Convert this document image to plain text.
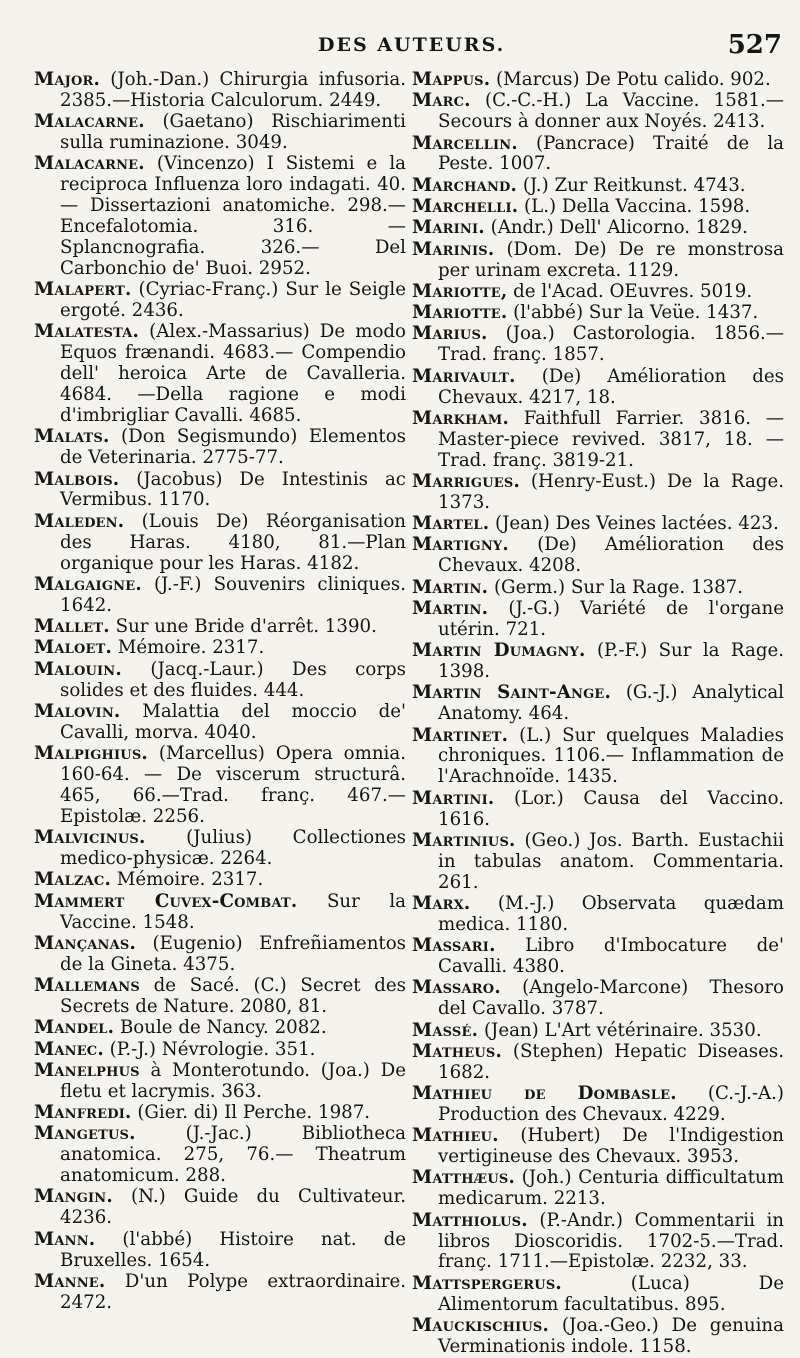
DES AUTEURS.	527

Major. (Joh.-Dan.) Chirurgia infusoria. 2385.—Historia Calculorum. 2449.

Malacarne. (Gaetano) Rischiarimenti sulla ruminazione. 3049.

Malacarne. (Vincenzo) I Sistemi e la reciproca Influenza loro indagati. 40. — Dissertazioni anatomiche. 298.— Encefalotomia. 316. — Splancnografia. 326.— Del Carbonchio de' Buoi. 2952.

Malapert. (Cyriac-Franç.) Sur le Seigle ergoté. 2436.

Malatesta. (Alex.-Massarius) De modo Equos frænandi. 4683.— Compendio dell' heroica Arte de Cavalleria. 4684. —Della ragione e modi d'imbrigliar Cavalli. 4685.

Malats. (Don Segismundo) Elementos de Veterinaria. 2775-77.

Malbois. (Jacobus) De Intestinis ac Vermibus. 1170.

Maleden. (Louis De) Réorganisation des Haras. 4180, 81.—Plan organique pour les Haras. 4182.

Malgaigne. (J.-F.) Souvenirs cliniques. 1642.

Mallet. Sur une Bride d'arrêt. 1390.

Maloet. Mémoire. 2317.

Malouin. (Jacq.-Laur.) Des corps solides et des fluides. 444.

Malovin. Malattia del moccio de' Cavalli, morva. 4040.

Malpighius. (Marcellus) Opera omnia. 160-64. — De viscerum structurâ. 465, 66.—Trad. franç. 467.—Epistolæ. 2256.

Malvicinus. (Julius) Collectiones medico-physicæ. 2264.

Malzac. Mémoire. 2317.

Mammert Cuvex-Combat. Sur la Vaccine. 1548.

Mançanas. (Eugenio) Enfreñiamentos de la Gineta. 4375.

Mallemans de Sacé. (C.) Secret des Secrets de Nature. 2080, 81.

Mandel. Boule de Nancy. 2082.

Manec. (P.-J.) Névrologie. 351.

Manelphus à Monterotundo. (Joa.) De fletu et lacrymis. 363.

Manfredi. (Gier. di) Il Perche. 1987.

Mangetus. (J.-Jac.) Bibliotheca anatomica. 275, 76.— Theatrum anatomicum. 288.

Mangin. (N.) Guide du Cultivateur. 4236.

Mann. (l'abbé) Histoire nat. de Bruxelles. 1654.

Manne. D'un Polype extraordinaire. 2472.

Mappus. (Marcus) De Potu calido. 902.

Marc. (C.-C.-H.) La Vaccine. 1581.— Secours à donner aux Noyés. 2413.

Marcellin. (Pancrace) Traité de la Peste. 1007.

Marchand. (J.) Zur Reitkunst. 4743.

Marchelli. (L.) Della Vaccina. 1598.

Marini. (Andr.) Dell' Alicorno. 1829.

Marinis. (Dom. De) De re monstrosa per urinam excreta. 1129.

Mariotte, de l'Acad. OEuvres. 5019.

Mariotte. (l'abbé) Sur la Veüe. 1437.

Marius. (Joa.) Castorologia. 1856.— Trad. franç. 1857.

Marivault. (De) Amélioration des Chevaux. 4217, 18.

Markham. Faithfull Farrier. 3816. — Master-piece revived. 3817, 18. — Trad. franç. 3819-21.

Marrigues. (Henry-Eust.) De la Rage. 1373.

Martel. (Jean) Des Veines lactées. 423.

Martigny. (De) Amélioration des Chevaux. 4208.

Martin. (Germ.) Sur la Rage. 1387.

Martin. (J.-G.) Variété de l'organe utérin. 721.

Martin Dumagny. (P.-F.) Sur la Rage. 1398.

Martin Saint-Ange. (G.-J.) Analytical Anatomy. 464.

Martinet. (L.) Sur quelques Maladies chroniques. 1106.— Inflammation de l'Arachnoïde. 1435.

Martini. (Lor.) Causa del Vaccino. 1616.

Martinius. (Geo.) Jos. Barth. Eustachii in tabulas anatom. Commentaria. 261.

Marx. (M.-J.) Observata quædam medica. 1180.

Massari. Libro d'Imbocature de' Cavalli. 4380.

Massaro. (Angelo-Marcone) Thesoro del Cavallo. 3787.

Massé. (Jean) L'Art vétérinaire. 3530.

Matheus. (Stephen) Hepatic Diseases. 1682.

Mathieu de Dombasle. (C.-J.-A.) Production des Chevaux. 4229.

Mathieu. (Hubert) De l'Indigestion vertigineuse des Chevaux. 3953.

Matthæus. (Joh.) Centuria difficultatum medicarum. 2213.

Matthiolus. (P.-Andr.) Commentarii in libros Dioscoridis. 1702-5.—Trad. franç. 1711.—Epistolæ. 2232, 33.

Mattspergerus. (Luca) De Alimentorum facultatibus. 895.

Mauckischius. (Joa.-Geo.) De genuina Verminationis indole. 1158.
